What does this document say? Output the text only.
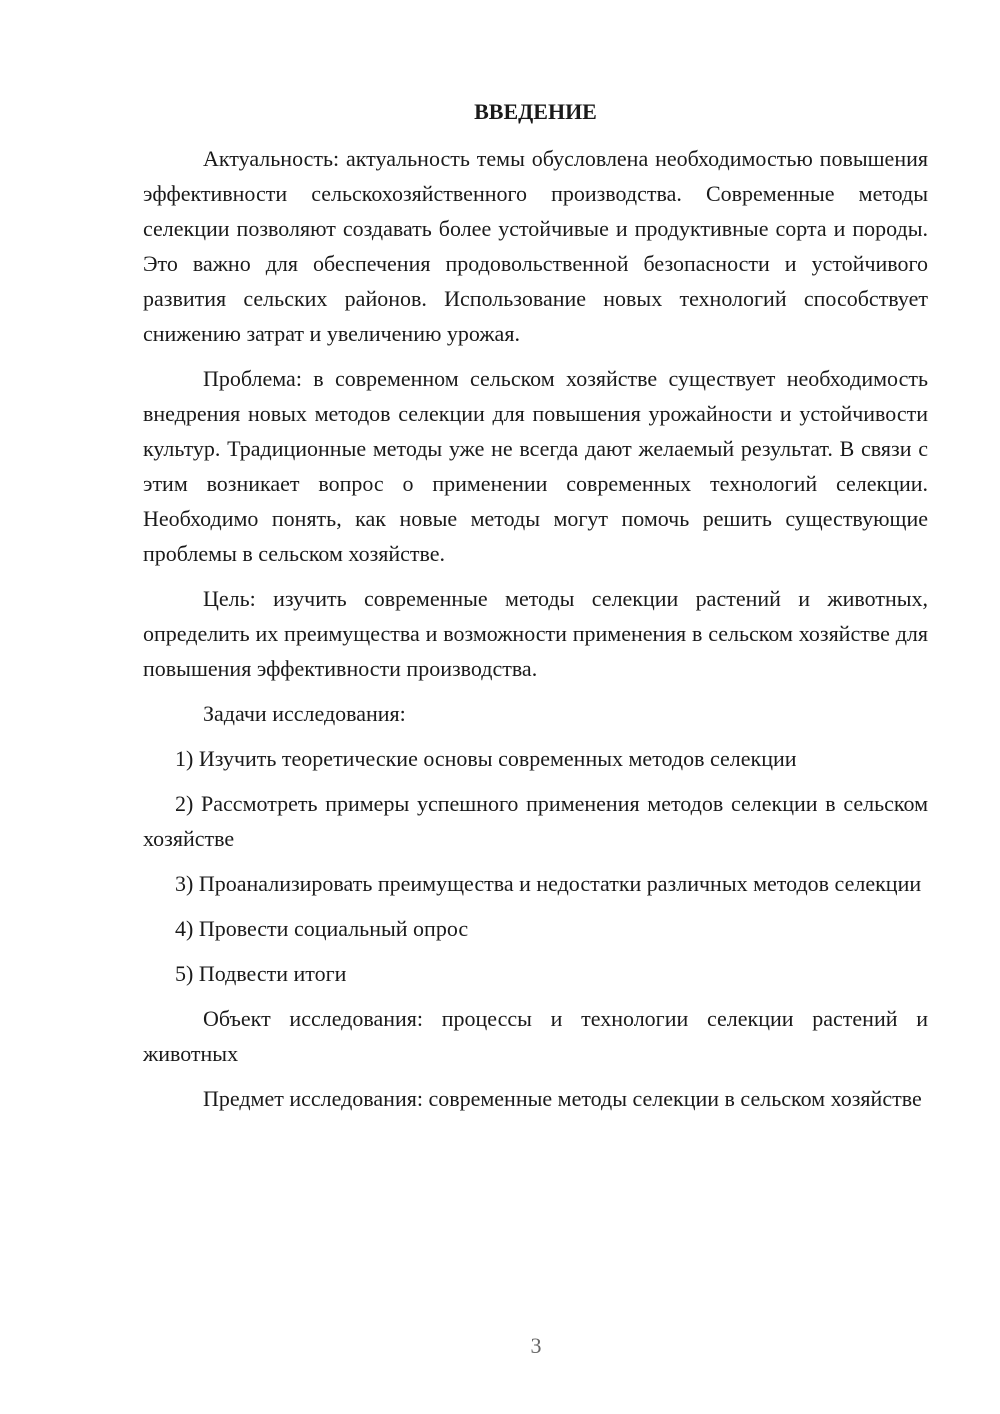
ВВЕДЕНИЕ

Актуальность: актуальность темы обусловлена необходимостью повышения эффективности сельскохозяйственного производства. Современные методы селекции позволяют создавать более устойчивые и продуктивные сорта и породы. Это важно для обеспечения продовольственной безопасности и устойчивого развития сельских районов. Использование новых технологий способствует снижению затрат и увеличению урожая.

Проблема: в современном сельском хозяйстве существует необходимость внедрения новых методов селекции для повышения урожайности и устойчивости культур. Традиционные методы уже не всегда дают желаемый результат. В связи с этим возникает вопрос о применении современных технологий селекции. Необходимо понять, как новые методы могут помочь решить существующие проблемы в сельском хозяйстве.

Цель: изучить современные методы селекции растений и животных, определить их преимущества и возможности применения в сельском хозяйстве для повышения эффективности производства.

Задачи исследования:

1) Изучить теоретические основы современных методов селекции

2) Рассмотреть примеры успешного применения методов селекции в сельском хозяйстве

3) Проанализировать преимущества и недостатки различных методов селекции

4) Провести социальный опрос

5) Подвести итоги

Объект исследования: процессы и технологии селекции растений и животных

Предмет исследования: современные методы селекции в сельском хозяйстве

3
